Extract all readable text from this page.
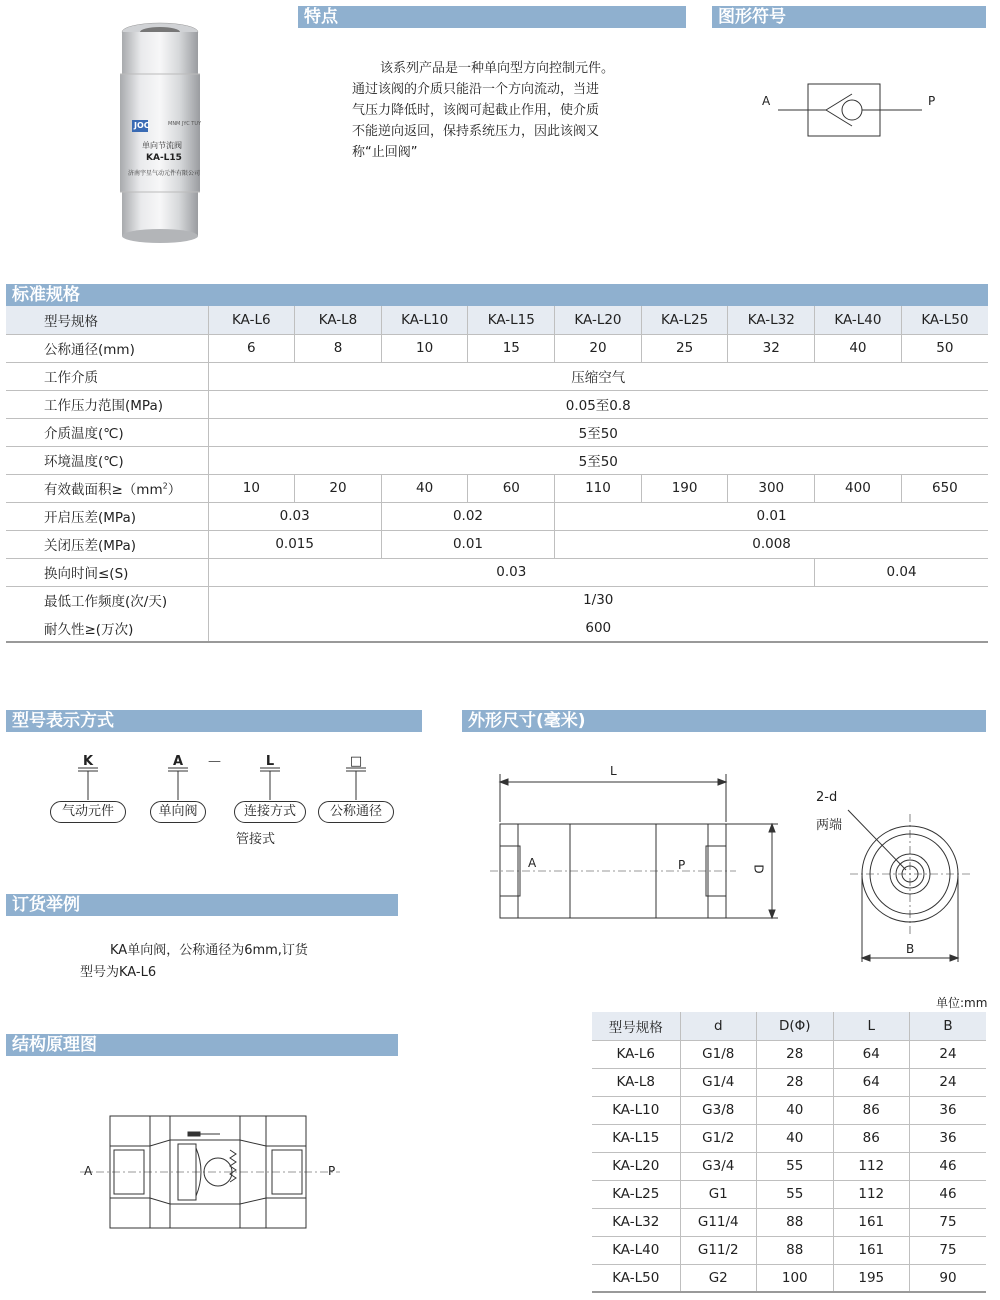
JOC	MNM JYC TUY
单向节流阀
KA-L15
济南宇星气动元件有限公司
特点

该系列产品是一种单向型方向控制元件。

通过该阀的介质只能沿一个方向流动，当进

气压力降低时，该阀可起截止作用，使介质

不能逆向返回，保持系统压力，因此该阀又

称“止回阀”

图形符号
A	P
标准规格
型号规格	KA-L6	KA-L8	KA-L10	KA-L15	KA-L20	KA-L25	KA-L32	KA-L40	KA-L50
公称通径(mm)	6	8	10	15	20	25	32	40	50
工作介质	压缩空气								
工作压力范围(MPa)	0.05至0.8								
介质温度(℃)	5至50								
环境温度(℃)	5至50								
有效截面积$\ge(mm^2)$	10	20	40	60	110	190	300	400	650
开启压差(MPa)	0.03		0.02		0.01				
关闭压差(MPa)	0.015		0.01		0.008				
换向时间≤(S)	0.03							0.04	
最低工作频度(次/天)	1/30								
耐久性≥(万次)	600								
型号表示方式
K	A	—	L	□
气动元件	单向阀	连接方式	公称通径
管接式
订货举例

KA单向阀，公称通径为6mm,订货

型号为KA-L6

结构原理图
A	P
外形尺寸(毫米)
L
A	P	D
2-d
两端
B
单位:mm
型号规格	d	D(Φ)	L	B
KA-L6	G1/8	28	64	24
KA-L8	G1/4	28	64	24
KA-L10	G3/8	40	86	36
KA-L15	G1/2	40	86	36
KA-L20	G3/4	55	112	46
KA-L25	G1	55	112	46
KA-L32	G11/4	88	161	75
KA-L40	G11/2	88	161	75
KA-L50	G2	100	195	90
